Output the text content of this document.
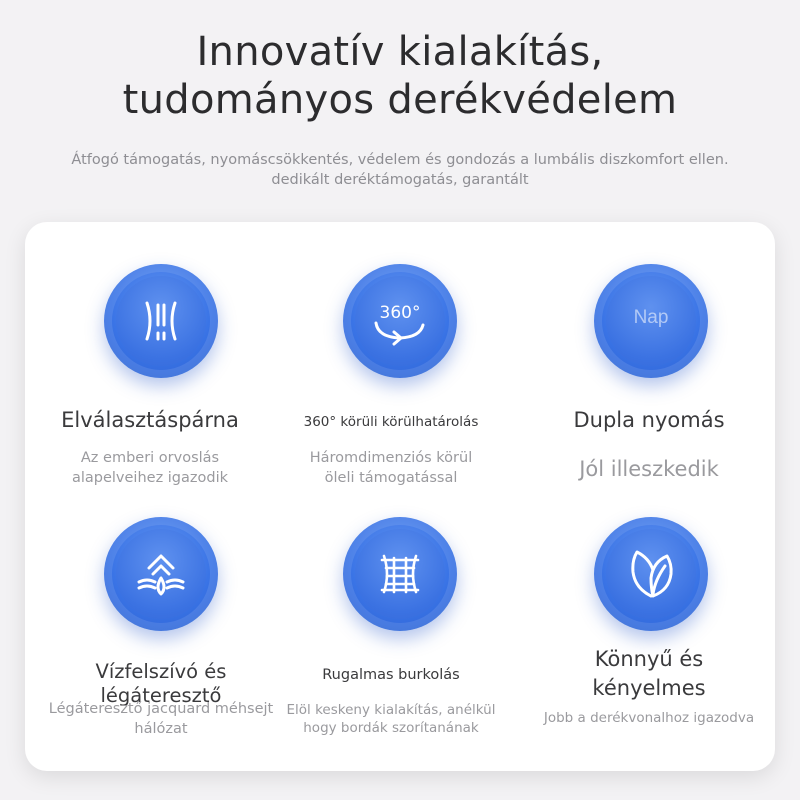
Innovatív kialakítás,

tudományos derékvédelem

Átfogó támogatás, nyomáscsökkentés, védelem és gondozás a lumbális diszkomfort ellen.

dedikált deréktámogatás, garantált

Elválasztáspárna

Az emberi orvoslás

alapelveihez igazodik

360°

360° körüli körülhatárolás

Háromdimenziós körül

öleli támogatással

Nap

Dupla nyomás

Jól illeszkedik

Vízfelszívó és légáteresztő

Légáteresztő jacquard méhsejt

hálózat

Rugalmas burkolás

Elöl keskeny kialakítás, anélkül

hogy bordák szorítanának

Könnyű és

kényelmes

Jobb a derékvonalhoz igazodva
